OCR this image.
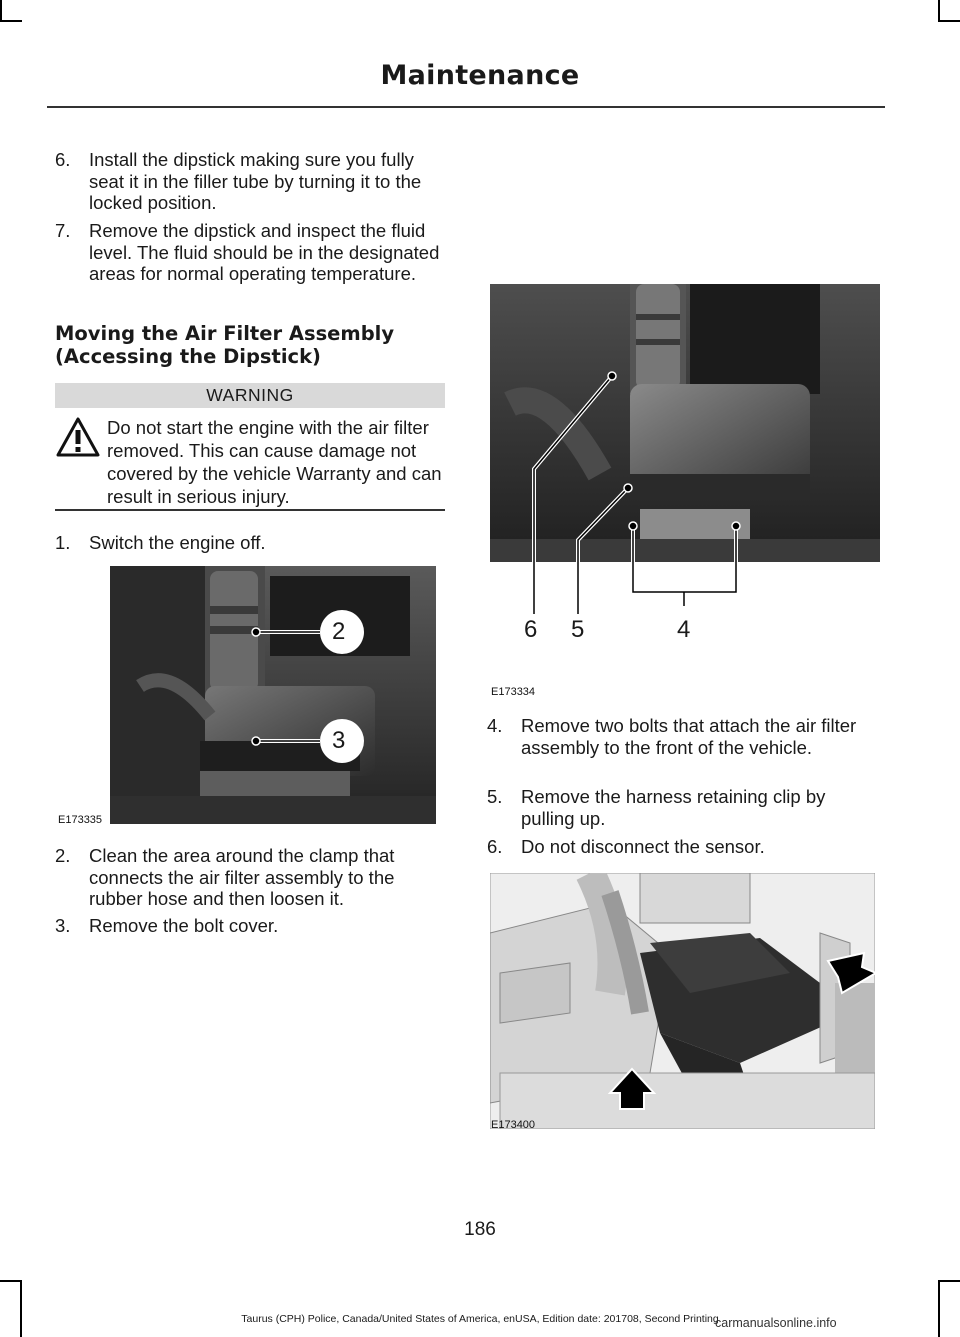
Maintenance
6. Install the dipstick making sure you fully seat it in the filler tube by turning it to the locked position.
7. Remove the dipstick and inspect the fluid level. The fluid should be in the designated areas for normal operating temperature.
Moving the Air Filter Assembly (Accessing the Dipstick)
WARNING
Do not start the engine with the air filter removed. This can cause damage not covered by the vehicle Warranty and can result in serious injury.
1. Switch the engine off.
2
3
E173335
2. Clean the area around the clamp that connects the air filter assembly to the rubber hose and then loosen it.
3. Remove the bolt cover.
6 5	4
E173334
4. Remove two bolts that attach the air filter assembly to the front of the vehicle.
5. Remove the harness retaining clip by pulling up.
6. Do not disconnect the sensor.
E173400
186
Taurus (CPH) Police, Canada/United States of America, enUSA, Edition date: 201708, Second Printing
carmanualsonline.info
